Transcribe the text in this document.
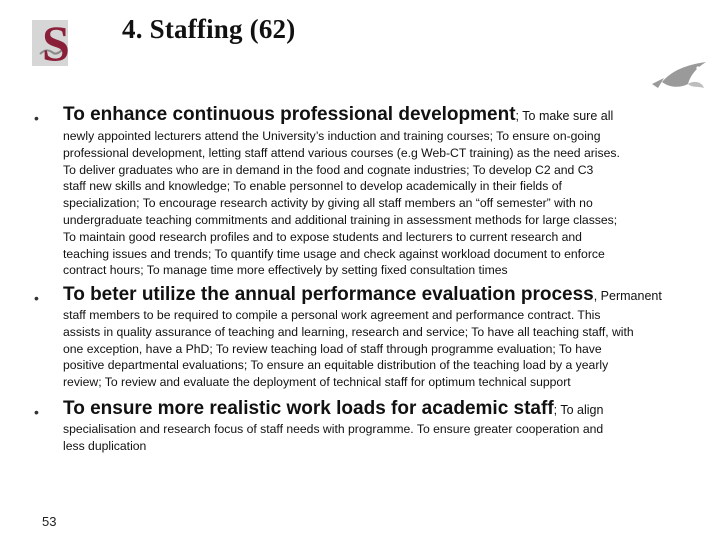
S 4. Staffing (62)
• To enhance continuous professional development; To make sure all
newly appointed lecturers attend the University’s induction and training courses; To ensure on-going
professional development, letting staff attend various courses (e.g Web-CT training) as the need arises.
To deliver graduates who are in demand in the food and cognate industries; To develop C2 and C3
staff new skills and knowledge; To enable personnel to develop academically in their fields of
specialization; To encourage research activity by giving all staff members an “off semester” with no
undergraduate teaching commitments and additional training in assessment methods for large classes;
To maintain good research profiles and to expose students and lecturers to current research and
teaching issues and trends; To quantify time usage and check against workload document to enforce
contract hours; To manage time more effectively by setting fixed consultation times
• To beter utilize the annual performance evaluation process, Permanent
staff members to be required to compile a personal work agreement and performance contract. This
assists in quality assurance of teaching and learning, research and service; To have all teaching staff, with
one exception, have a PhD; To review teaching load of staff through programme evaluation; To have
positive departmental evaluations; To ensure an equitable distribution of the teaching load by a yearly
review; To review and evaluate the deployment of technical staff for optimum technical support
• To ensure more realistic work loads for academic staff; To align
specialisation and research focus of staff needs with programme. To ensure greater cooperation and
less duplication
53
